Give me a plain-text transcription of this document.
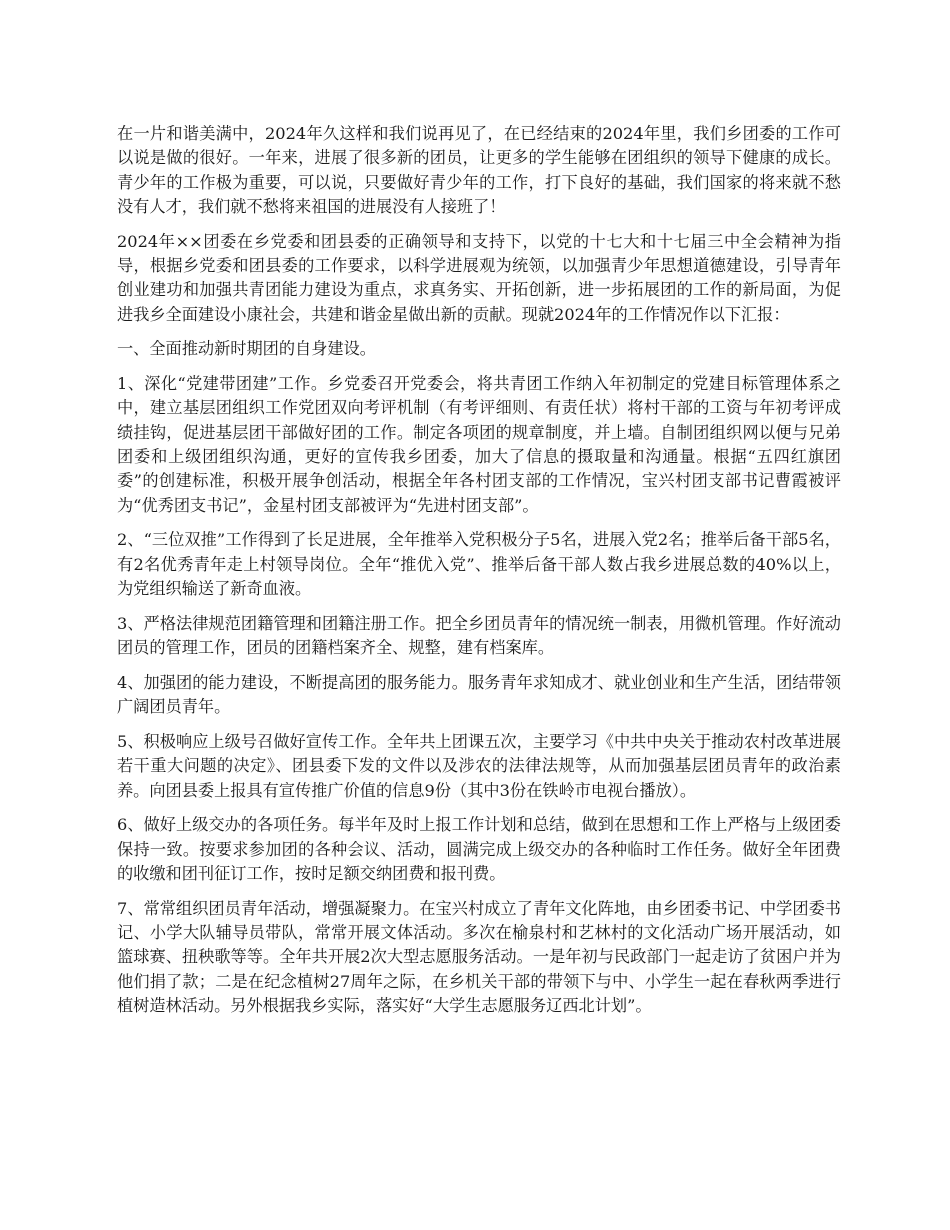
在一片和谐美满中，2024年久这样和我们说再见了，在已经结束的2024年里，我们乡团委的工作可以说是做的很好。一年来，进展了很多新的团员，让更多的学生能够在团组织的领导下健康的成长。青少年的工作极为重要，可以说，只要做好青少年的工作，打下良好的基础，我们国家的将来就不愁没有人才，我们就不愁将来祖国的进展没有人接班了！

2024年××团委在乡党委和团县委的正确领导和支持下，以党的十七大和十七届三中全会精神为指导，根据乡党委和团县委的工作要求，以科学进展观为统领，以加强青少年思想道德建设，引导青年创业建功和加强共青团能力建设为重点，求真务实、开拓创新，进一步拓展团的工作的新局面，为促进我乡全面建设小康社会，共建和谐金星做出新的贡献。现就2024年的工作情况作以下汇报：

一、全面推动新时期团的自身建设。

1、深化“党建带团建”工作。乡党委召开党委会，将共青团工作纳入年初制定的党建目标管理体系之中，建立基层团组织工作党团双向考评机制（有考评细则、有责任状）将村干部的工资与年初考评成绩挂钩，促进基层团干部做好团的工作。制定各项团的规章制度，并上墙。自制团组织网以便与兄弟团委和上级团组织沟通，更好的宣传我乡团委，加大了信息的摄取量和沟通量。根据“五四红旗团委”的创建标准，积极开展争创活动，根据全年各村团支部的工作情况，宝兴村团支部书记曹霞被评为“优秀团支书记”，金星村团支部被评为“先进村团支部”。

2、“三位双推”工作得到了长足进展，全年推举入党积极分子5名，进展入党2名；推举后备干部5名，有2名优秀青年走上村领导岗位。全年“推优入党”、推举后备干部人数占我乡进展总数的40%以上，为党组织输送了新奇血液。

3、严格法律规范团籍管理和团籍注册工作。把全乡团员青年的情况统一制表，用微机管理。作好流动团员的管理工作，团员的团籍档案齐全、规整，建有档案库。

4、加强团的能力建设，不断提高团的服务能力。服务青年求知成才、就业创业和生产生活，团结带领广阔团员青年。

5、积极响应上级号召做好宣传工作。全年共上团课五次，主要学习《中共中央关于推动农村改革进展若干重大问题的决定》、团县委下发的文件以及涉农的法律法规等，从而加强基层团员青年的政治素养。向团县委上报具有宣传推广价值的信息9份（其中3份在铁岭市电视台播放）。

6、做好上级交办的各项任务。每半年及时上报工作计划和总结，做到在思想和工作上严格与上级团委保持一致。按要求参加团的各种会议、活动，圆满完成上级交办的各种临时工作任务。做好全年团费的收缴和团刊征订工作，按时足额交纳团费和报刊费。

7、常常组织团员青年活动，增强凝聚力。在宝兴村成立了青年文化阵地，由乡团委书记、中学团委书记、小学大队辅导员带队，常常开展文体活动。多次在榆泉村和艺林村的文化活动广场开展活动，如篮球赛、扭秧歌等等。全年共开展2次大型志愿服务活动。一是年初与民政部门一起走访了贫困户并为他们捐了款；二是在纪念植树27周年之际，在乡机关干部的带领下与中、小学生一起在春秋两季进行植树造林活动。另外根据我乡实际，落实好“大学生志愿服务辽西北计划”。
